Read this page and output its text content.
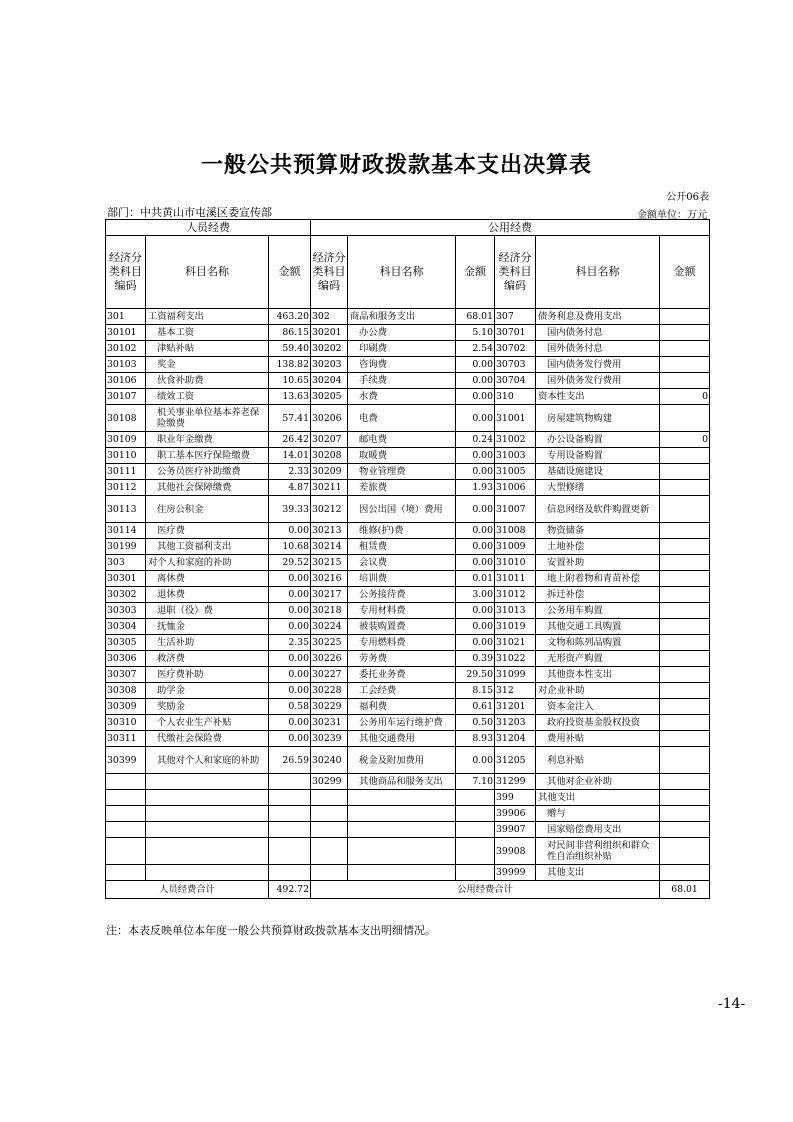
一般公共预算财政拨款基本支出决算表
公开06表
部门：中共黄山市屯溪区委宣传部	金额单位：万元
人员经费			公用经费					
经济分类科目编码	科目名称	金额	经济分类科目编码	科目名称	金额	经济分类科目编码	科目名称	金额
301	工资福利支出	463.20	302	商品和服务支出	68.01	307	债务利息及费用支出	
30101	基本工资	86.15	30201	办公费	5.10	30701	国内债务付息	
30102	津贴补贴	59.40	30202	印刷费	2.54	30702	国外债务付息	
30103	奖金	138.82	30203	咨询费	0.00	30703	国内债务发行费用	
30106	伙食补助费	10.65	30204	手续费	0.00	30704	国外债务发行费用	
30107	绩效工资	13.63	30205	水费	0.00	310	资本性支出	0
30108	机关事业单位基本养老保险缴费	57.41	30206	电费	0.00	31001	房屋建筑物购建	
30109	职业年金缴费	26.42	30207	邮电费	0.24	31002	办公设备购置	0
30110	职工基本医疗保险缴费	14.01	30208	取暖费	0.00	31003	专用设备购置	
30111	公务员医疗补助缴费	2.33	30209	物业管理费	0.00	31005	基础设施建设	
30112	其他社会保障缴费	4.87	30211	差旅费	1.93	31006	大型修缮	
30113	住房公积金	39.33	30212	因公出国（境）费用	0.00	31007	信息网络及软件购置更新	
30114	医疗费	0.00	30213	维修(护)费	0.00	31008	物资储备	
30199	其他工资福利支出	10.68	30214	租赁费	0.00	31009	土地补偿	
303	对个人和家庭的补助	29.52	30215	会议费	0.00	31010	安置补助	
30301	离休费	0.00	30216	培训费	0.01	31011	地上附着物和青苗补偿	
30302	退休费	0.00	30217	公务接待费	3.00	31012	拆迁补偿	
30303	退职（役）费	0.00	30218	专用材料费	0.00	31013	公务用车购置	
30304	抚恤金	0.00	30224	被装购置费	0.00	31019	其他交通工具购置	
30305	生活补助	2.35	30225	专用燃料费	0.00	31021	文物和陈列品购置	
30306	救济费	0.00	30226	劳务费	0.39	31022	无形资产购置	
30307	医疗费补助	0.00	30227	委托业务费	29.50	31099	其他资本性支出	
30308	助学金	0.00	30228	工会经费	8.15	312	对企业补助	
30309	奖励金	0.58	30229	福利费	0.61	31201	资本金注入	
30310	个人农业生产补贴	0.00	30231	公务用车运行维护费	0.50	31203	政府投资基金股权投资	
30311	代缴社会保险费	0.00	30239	其他交通费用	8.93	31204	费用补贴	
30399	其他对个人和家庭的补助	26.59	30240	税金及附加费用	0.00	31205	利息补贴	
			30299	其他商品和服务支出	7.10	31299	其他对企业补助	
						399	其他支出	
						39906	赠与	
						39907	国家赔偿费用支出	
						39908	对民间非营利组织和群众性自治组织补贴	
						39999	其他支出	
人员经费合计		492.72	公用经费合计					68.01
注：本表反映单位本年度一般公共预算财政拨款基本支出明细情况。
-14-
